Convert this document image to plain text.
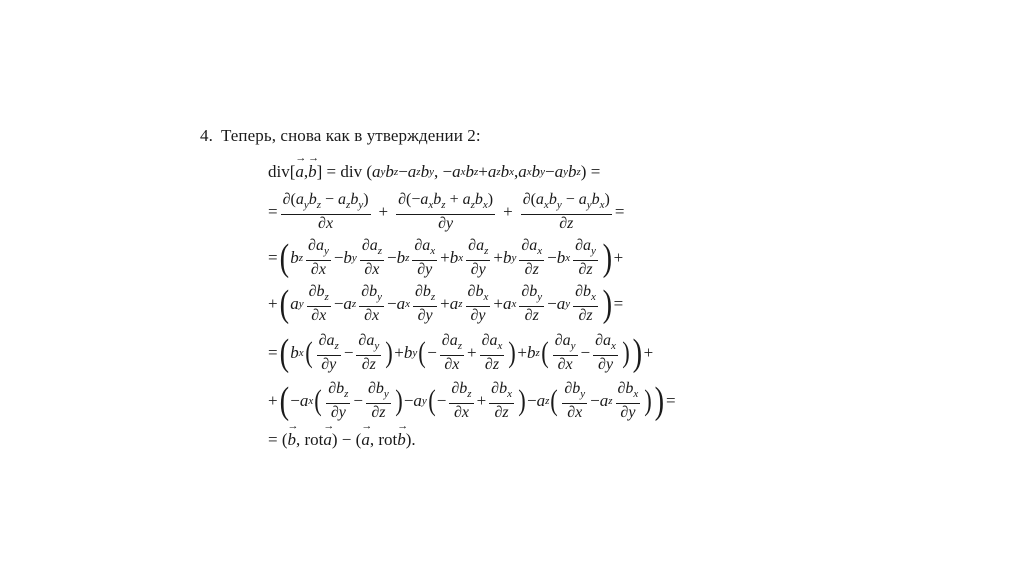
4. Теперь, снова как в утверждении 2:
div[ → a , → b ] = div ( a y b z − a z b y , − a x b z + a z b x , a x b y − a y b z ) =
= $\frac{\partial(a_yb_z - a_zb_y)}{\partial x} + \frac{\partial(-a_xb_z + a_zb_x)}{\partial y} + \frac{\partial(a_xb_y - a_yb_x)}{\partial z}$ =
= ( b z $\frac{\partial a_y}{\partial x} - b$ y $\frac{\partial a_z}{\partial x} - b$ z $\frac{\partial a_x}{\partial y} + b$ x $\frac{\partial a_z}{\partial y} + b$ y $\frac{\partial a_x}{\partial z} - b$ x $\frac{\partial a_y}{\partial z}$ ) +
+ ( a y $\frac{\partial b_z}{\partial x} - a$ z $\frac{\partial b_y}{\partial x} - a$ x $\frac{\partial b_z}{\partial y} + a$ z $\frac{\partial b_x}{\partial y} + a$ x $\frac{\partial b_y}{\partial z} - a$ y $\frac{\partial b_x}{\partial z}$ ) =
= ( b x ( $\frac{\partial a_z}{\partial y} - \frac{\partial a_y}{\partial z}$ ) + b y ( − $\frac{\partial a_z}{\partial x} + \frac{\partial a_x}{\partial z}$ ) + b z ( $\frac{\partial a_y}{\partial x} - \frac{\partial a_x}{\partial y}$ ) ) +
+ ( − a x ( $\frac{\partial b_z}{\partial y} - \frac{\partial b_y}{\partial z}$ ) − a y ( − $\frac{\partial b_z}{\partial x} + \frac{\partial b_x}{\partial z}$ ) − a z ( $\frac{\partial b_y}{\partial x} - a$ z $\frac{\partial b_x}{\partial y}$ ) ) =
= ( → b , rot → a ) − ( → a , rot → b ).
